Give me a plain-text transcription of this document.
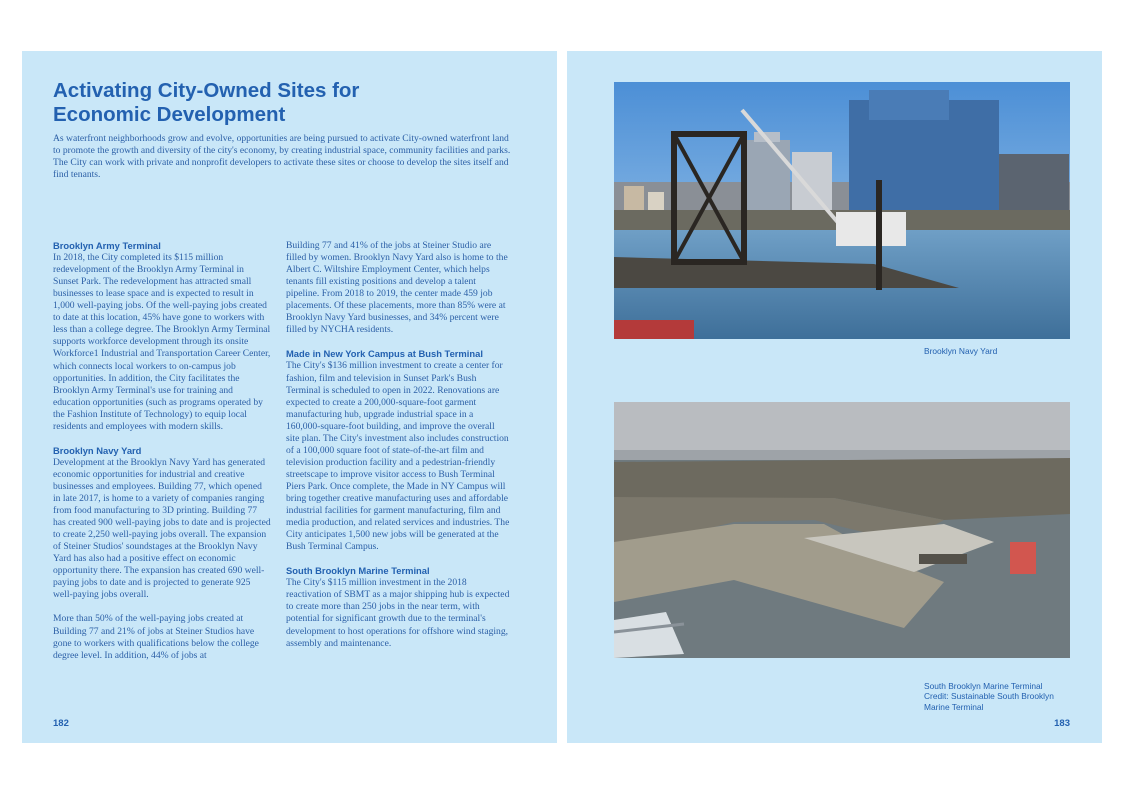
Activating City-Owned Sites for
Economic Development

As waterfront neighborhoods grow and evolve, opportunities are being pursued to activate City-owned waterfront land to promote the growth and diversity of the city's economy, by creating industrial space, community facilities and parks. The City can work with private and nonprofit developers to activate these sites or choose to develop the sites itself and find tenants.

Brooklyn Army Terminal
In 2018, the City completed its $115 million redevelopment of the Brooklyn Army Terminal in Sunset Park. The redevelopment has attracted small businesses to lease space and is expected to result in 1,000 well-paying jobs. Of the well-paying jobs created to date at this location, 45% have gone to workers with less than a college degree. The Brooklyn Army Terminal supports workforce development through its onsite Workforce1 Industrial and Transportation Career Center, which connects local workers to on-campus job opportunities. In addition, the City facilitates the Brooklyn Army Terminal's use for training and education opportunities (such as programs operated by the Fashion Institute of Technology) to equip local residents and employees with modern skills.
Brooklyn Navy Yard
Development at the Brooklyn Navy Yard has generated economic opportunities for industrial and creative businesses and employees. Building 77, which opened in late 2017, is home to a variety of companies ranging from food manufacturing to 3D printing. Building 77 has created 900 well-paying jobs to date and is projected to create 2,250 well-paying jobs overall. The expansion of Steiner Studios' soundstages at the Brooklyn Navy Yard has also had a positive effect on economic opportunity there. The expansion has created 690 well-paying jobs to date and is projected to generate 925 well-paying jobs overall.
More than 50% of the well-paying jobs created at Building 77 and 21% of jobs at Steiner Studios have gone to workers with qualifications below the college degree level. In addition, 44% of jobs at
Building 77 and 41% of the jobs at Steiner Studio are filled by women. Brooklyn Navy Yard also is home to the Albert C. Wiltshire Employment Center, which helps tenants fill existing positions and develop a talent pipeline. From 2018 to 2019, the center made 459 job placements. Of these placements, more than 85% were at Brooklyn Navy Yard businesses, and 34% percent were filled by NYCHA residents.
Made in New York Campus at Bush Terminal
The City's $136 million investment to create a center for fashion, film and television in Sunset Park's Bush Terminal is scheduled to open in 2022. Renovations are expected to create a 200,000-square-foot garment manufacturing hub, upgrade industrial space in a 160,000-square-foot building, and improve the overall site plan. The City's investment also includes construction of a 100,000 square foot of state-of-the-art film and television production facility and a pedestrian-friendly streetscape to improve visitor access to Bush Terminal Piers Park. Once complete, the Made in NY Campus will bring together creative manufacturing uses and affordable industrial facilities for garment manufacturing, film and media production, and related services and industries. The City anticipates 1,500 new jobs will be generated at the Bush Terminal Campus.
South Brooklyn Marine Terminal
The City's $115 million investment in the 2018 reactivation of SBMT as a major shipping hub is expected to create more than 250 jobs in the near term, with potential for significant growth due to the terminal's development to host operations for offshore wind staging, assembly and maintenance.
182
Brooklyn Navy Yard
South Brooklyn Marine Terminal
Credit: Sustainable South Brooklyn
Marine Terminal
183
